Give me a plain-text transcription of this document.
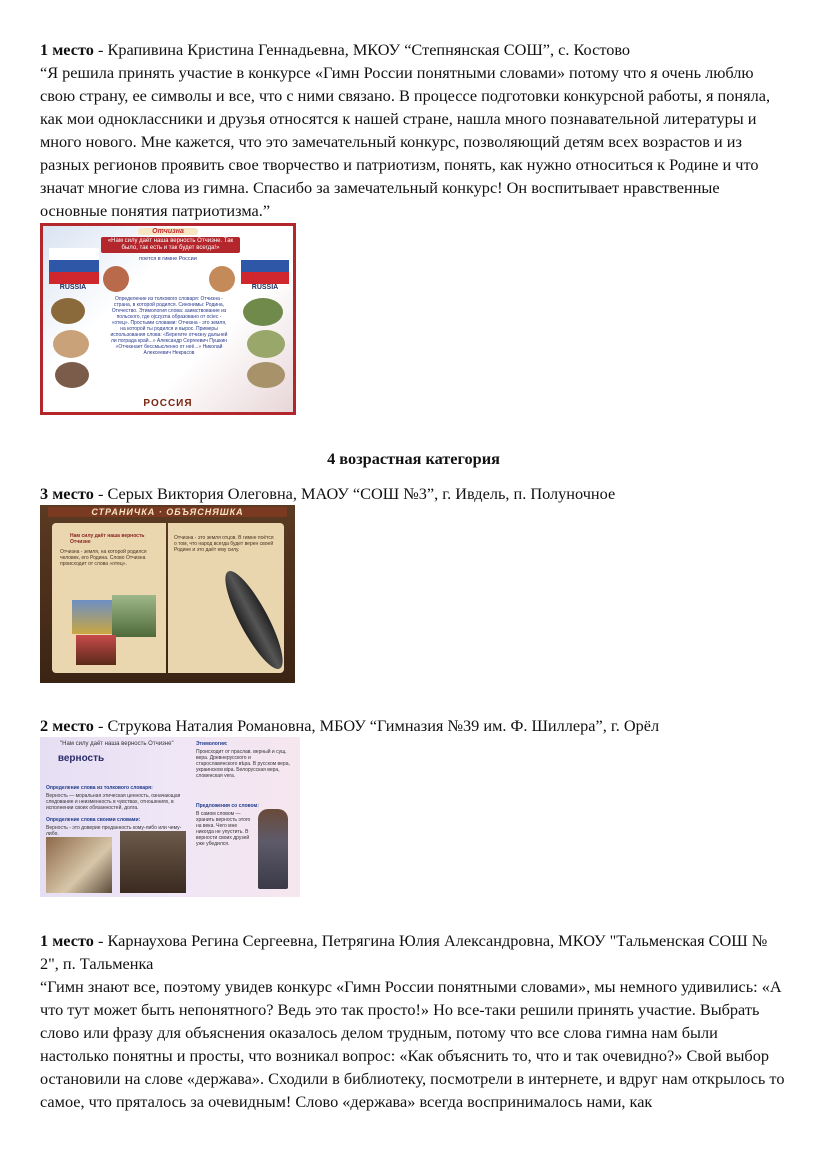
1 место - Крапивина Кристина Геннадьевна, МКОУ “Степнянская СОШ”, с. Костово

“Я решила принять участие в конкурсе «Гимн России понятными словами» потому что я очень люблю свою страну, ее символы и все, что с ними связано. В процессе подготовки конкурсной работы, я поняла, как мои одноклассники и друзья относятся к нашей стране, нашла много познавательной литературы и много нового. Мне кажется, что это замечательный конкурс, позволяющий детям всех возрастов и из разных регионов проявить свое творчество и патриотизм, понять, как нужно относиться к Родине и что значат многие слова из гимна. Спасибо за замечательный конкурс! Он воспитывает нравственные основные понятия патриотизма.”

Отчизна
«Нам силу даёт наша верность Отчизне. Так было, так есть и так будет всегда!»
поется в гимне России
RUSSIA	RUSSIA
Определение из толкового словаря: Отчизна - страна, в которой родился. Синонимы: Родина, Отечество. Этимология слова: заимствование из польского, где ojczyzna образовано от ociec - «отец». Простыми словами: Отчизна - это земля, на которой ты родился и вырос. Примеры использования слова: «Берегите отчизну дальней ли пограда край...» Александр Сергеевич Пушкин «Отчизнает бессмысленно от неё...» Николай Алексеевич Некрасов
РОССИЯ
4 возрастная категория

3 место - Серых Виктория Олеговна, МАОУ “СОШ №3”, г. Ивдель, п. Полуночное

СТРАНИЧКА · ОБЪЯСНЯШКА
Нам силу даёт наша верность Отчизне
Отчизна - земля, на которой родился человек, его Родина. Слово Отчизна происходит от слова «отец».
Отчизна - это земля отцов. В гимне поётся о том, что народ всегда будет верен своей Родине и это даёт ему силу.

2 место - Струкова Наталия Романовна, МБОУ “Гимназия №39 им. Ф. Шиллера”, г. Орёл

"Нам силу даёт наша верность Отчизне"
верность
Определение слова из толкового словаря:
Верность — моральная этическая ценность, означающая следование и неизменность в чувствах, отношениях, в исполнении своих обязанностей, долга.
Определение слова своими словами:
Верность - это доверие преданность кому-либо или чему-либо.
Этимология:
Происходит от праслав. верный и сущ. вера. Древнерусского и старославянского вѣра. В русском вера, украинском віра. Белорусская вера, словенская vera.
Предложения со словом:
В самом словом — хранить верность этого на века. Чего мне никогда не упустить. В верности своих друзей уже убедился.

1 место - Карнаухова Регина Сергеевна, Петрягина Юлия Александровна, МКОУ "Тальменская СОШ № 2", п. Тальменка

“Гимн знают все, поэтому увидев конкурс «Гимн России понятными словами», мы немного удивились: «А что тут может быть непонятного? Ведь это так просто!» Но все-таки решили принять участие. Выбрать слово или фразу для объяснения оказалось делом трудным, потому что все слова гимна нам были настолько понятны и просты, что возникал вопрос: «Как объяснить то, что и так очевидно?» Свой выбор остановили на слове «держава». Сходили в библиотеку, посмотрели в интернете, и вдруг нам открылось то самое, что пряталось за очевидным! Слово «держава» всегда воспринималось нами, как
